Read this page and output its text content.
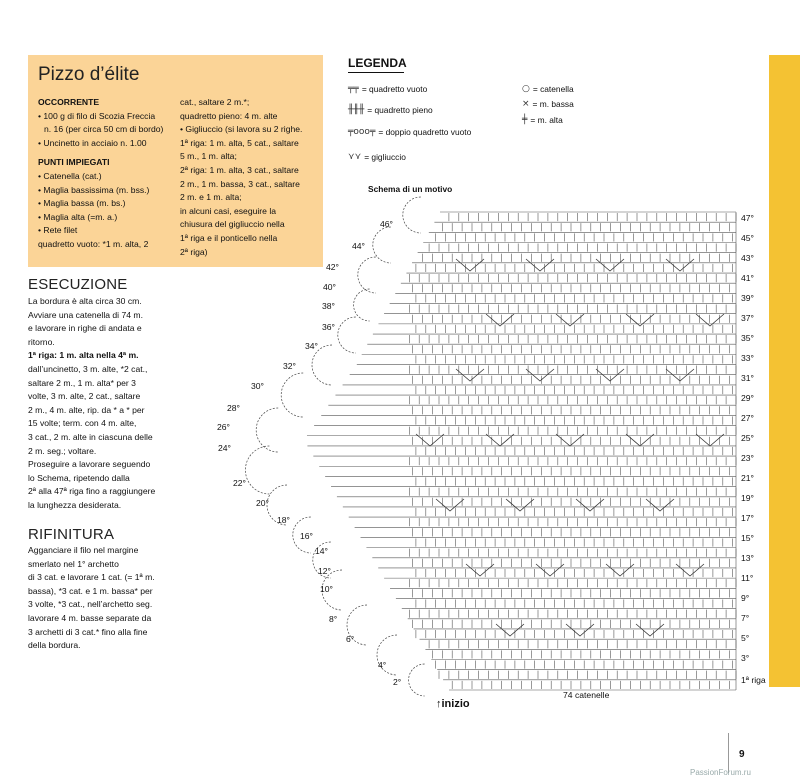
Pizzo d’élite
OCCORRENTE
• 100 g di filo di Scozia Freccia
n. 16 (per circa 50 cm di bordo)
• Uncinetto in acciaio n. 1.00
PUNTI IMPIEGATI
• Catenella (cat.)
• Maglia bassissima (m. bss.)
• Maglia bassa (m. bs.)
• Maglia alta (=m. a.)
• Rete filet
quadretto vuoto: *1 m. alta, 2
cat., saltare 2 m.*;
quadretto pieno: 4 m. alte
• Gigliuccio (si lavora su 2 righe.
1ª riga: 1 m. alta, 5 cat., saltare
5 m., 1 m. alta;
2ª riga: 1 m. alta, 3 cat., saltare
2 m., 1 m. bassa, 3 cat., saltare
2 m. e 1 m. alta;
in alcuni casi, eseguire la
chiusura del gigliuccio nella
1ª riga e il ponticello nella
2ª riga)
ESECUZIONE

La bordura è alta circa 30 cm.

Avviare una catenella di 74 m.

e lavorare in righe di andata e

ritorno.

1ª riga: 1 m. alta nella 4ª m.

dall’uncinetto, 3 m. alte, *2 cat.,

saltare 2 m., 1 m. alta* per 3

volte, 3 m. alte, 2 cat., saltare

2 m., 4 m. alte, rip. da * a * per

15 volte; term. con 4 m. alte,

3 cat., 2 m. alte in ciascuna delle

2 m. seg.; voltare.

Proseguire a lavorare seguendo

lo Schema, ripetendo dalla

2ª alla 47ª riga fino a raggiungere

la lunghezza desiderata.

RIFINITURA

Agganciare il filo nel margine

smerlato nel 1° archetto

di 3 cat. e lavorare 1 cat. (= 1ª m.

bassa), *3 cat. e 1 m. bassa* per

3 volte, *3 cat., nell’archetto seg.

lavorare 4 m. basse separate da

3 archetti di 3 cat.* fino alla fine

della bordura.

LEGENDA
╤╤ = quadretto vuoto
╫╫╫ = quadretto pieno
╤ooo╤ = doppio quadretto vuoto
⋎⋎ = gigliuccio
○ = catenella
× = m. bassa
╪ = m. alta
Schema di un motivo
47°
45°
43°
41°
39°
37°
35°
33°
31°
29°
27°
25°
23°
21°
19°
17°
15°
13°
11°
9°
7°
5°
3°
1ª riga
46°
44°
42°
40°
38°
36°
34°
32°
30°
28°
26°
24°
22°
20°
18°
16°
14°
12°
10°
8°
6°
4°
2°
74 catenelle
↑inizio
9
PassionForum.ru
